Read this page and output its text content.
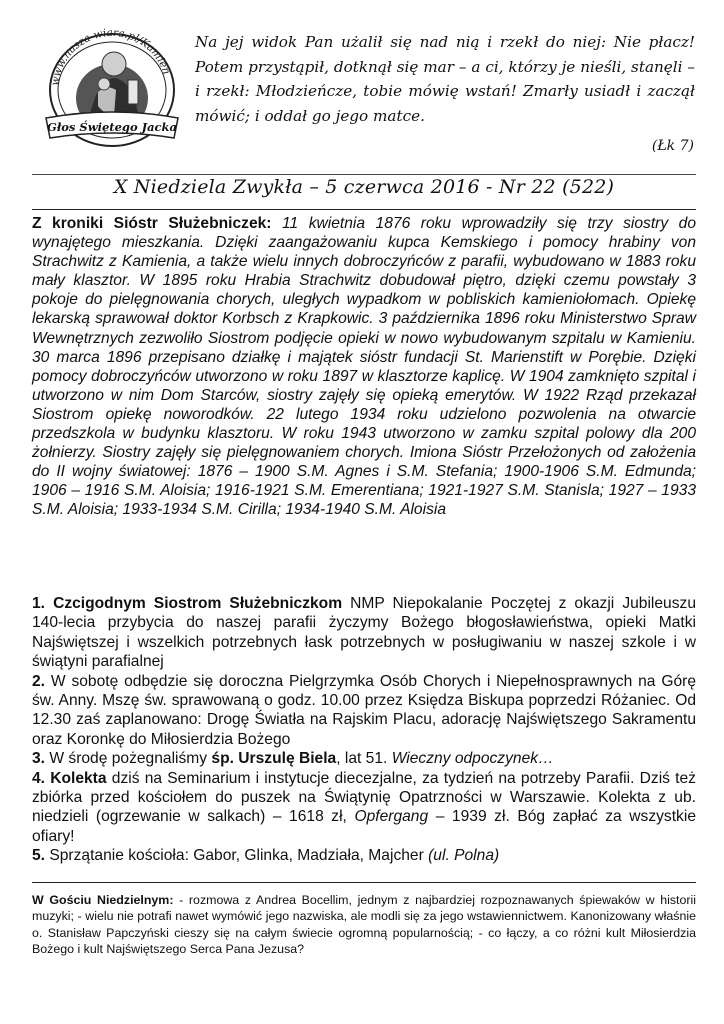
www.nasza-wiara.pl/Kamien
Głos Świętego Jacka
Na jej widok Pan użalił się nad nią i rzekł do niej: Nie płacz! Potem przystąpił, dotknął się mar – a ci, którzy je nieśli, stanęli – i rzekł: Młodzieńcze, tobie mówię wstań! Zmarły usiadł i zaczął mówić; i oddał go jego matce.
(Łk 7)
X Niedziela Zwykła – 5 czerwca 2016 - Nr 22 (522)

Z kroniki Sióstr Służebniczek: 11 kwietnia 1876 roku wprowadziły się trzy siostry do wynajętego mieszkania. Dzięki zaangażowaniu kupca Kemskiego i pomocy hrabiny von Strachwitz z Kamienia, a także wielu innych dobroczyńców z parafii, wybudowano w 1883 roku mały klasztor. W 1895 roku Hrabia Strachwitz dobudował piętro, dzięki czemu powstały 3 pokoje do pielęgnowania chorych, uległych wypadkom w pobliskich kamieniołomach. Opiekę lekarską sprawował doktor Korbsch z Krapkowic. 3 października 1896 roku Ministerstwo Spraw Wewnętrznych zezwoliło Siostrom podjęcie opieki w nowo wybudowanym szpitalu w Kamieniu. 30 marca 1896 przepisano działkę i majątek sióstr fundacji St. Marienstift w Porębie. Dzięki pomocy dobroczyńców utworzono w roku 1897 w klasztorze kaplicę. W 1904 zamknięto szpital i utworzono w nim Dom Starców, siostry zajęły się opieką emerytów. W 1922 Rząd przekazał Siostrom opiekę noworodków. 22 lutego 1934 roku udzielono pozwolenia na otwarcie przedszkola w budynku klasztoru. W roku 1943 utworzono w zamku szpital polowy dla 200 żołnierzy. Siostry zajęły się pielęgnowaniem chorych. Imiona Sióstr Przełożonych od założenia do II wojny światowej: 1876 – 1900 S.M. Agnes i S.M. Stefania; 1900-1906 S.M. Edmunda; 1906 – 1916 S.M. Aloisia; 1916-1921 S.M. Emerentiana; 1921-1927 S.M. Stanisla; 1927 – 1933 S.M. Aloisia; 1933-1934 S.M. Cirilla; 1934-1940 S.M. Aloisia

1. Czcigodnym Siostrom Służebniczkom NMP Niepokalanie Poczętej z okazji Jubileuszu 140-lecia przybycia do naszej parafii życzymy Bożego błogosławieństwa, opieki Matki Najświętszej i wszelkich potrzebnych łask potrzebnych w posługiwaniu w naszej szkole i w świątyni parafialnej

2. W sobotę odbędzie się doroczna Pielgrzymka Osób Chorych i Niepełnosprawnych na Górę św. Anny. Mszę św. sprawowaną o godz. 10.00 przez Księdza Biskupa poprzedzi Różaniec. Od 12.30 zaś zaplanowano: Drogę Światła na Rajskim Placu, adorację Najświętszego Sakramentu oraz Koronkę do Miłosierdzia Bożego

3. W środę pożegnaliśmy śp. Urszulę Biela, lat 51. Wieczny odpoczynek…

4. Kolekta dziś na Seminarium i instytucje diecezjalne, za tydzień na potrzeby Parafii. Dziś też zbiórka przed kościołem do puszek na Świątynię Opatrzności w Warszawie. Kolekta z ub. niedzieli (ogrzewanie w salkach) – 1618 zł, Opfergang – 1939 zł. Bóg zapłać za wszystkie ofiary!

5. Sprzątanie kościoła: Gabor, Glinka, Madziała, Majcher (ul. Polna)

W Gościu Niedzielnym: - rozmowa z Andrea Bocellim, jednym z najbardziej rozpoznawanych śpiewaków w historii muzyki; - wielu nie potrafi nawet wymówić jego nazwiska, ale modli się za jego wstawiennictwem. Kanonizowany właśnie o. Stanisław Papczyński cieszy się na całym świecie ogromną popularnością; - co łączy, a co różni kult Miłosierdzia Bożego i kult Najświętszego Serca Pana Jezusa?
